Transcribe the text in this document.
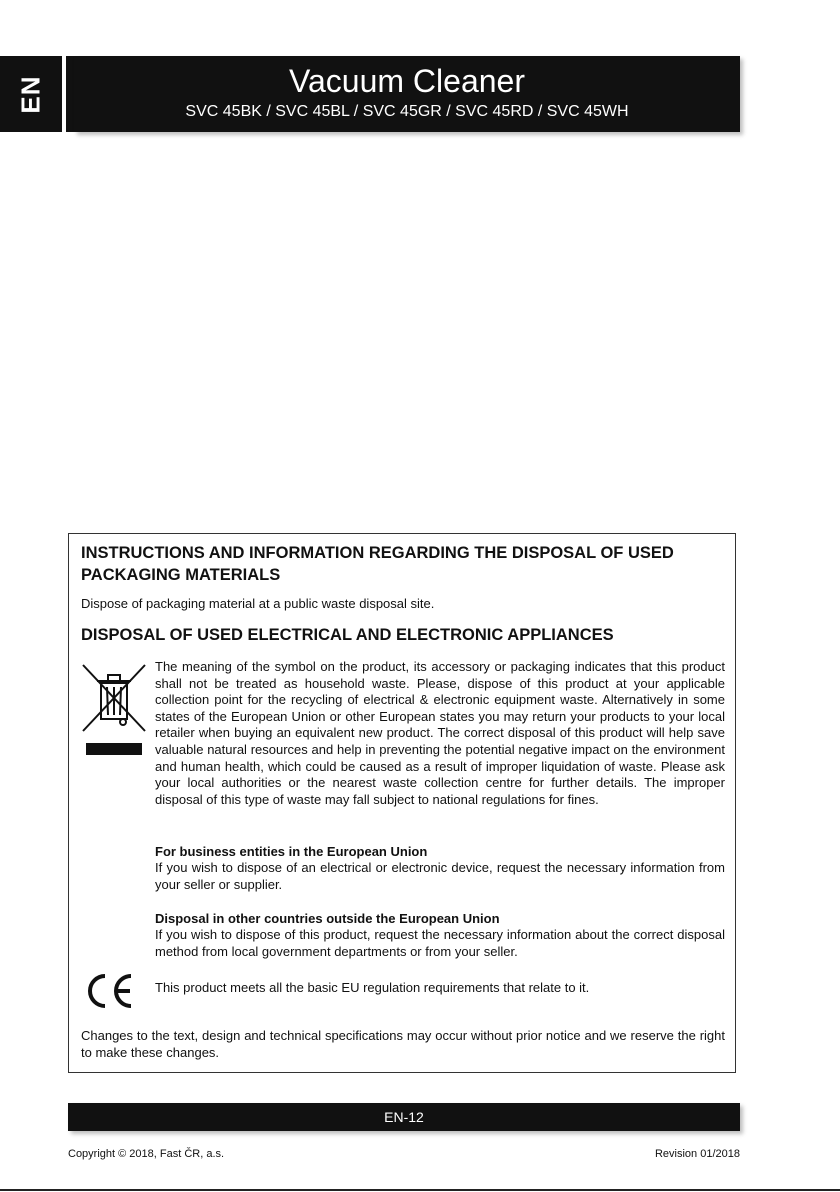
EN	Vacuum Cleaner
SVC 45BK / SVC 45BL / SVC 45GR / SVC 45RD / SVC 45WH
INSTRUCTIONS AND INFORMATION REGARDING THE DISPOSAL OF USED PACKAGING MATERIALS
Dispose of packaging material at a public waste disposal site.
DISPOSAL OF USED ELECTRICAL AND ELECTRONIC APPLIANCES
The meaning of the symbol on the product, its accessory or packaging indicates that this product shall not be treated as household waste. Please, dispose of this product at your applicable collection point for the recycling of electrical & electronic equipment waste. Alternatively in some states of the European Union or other European states you may return your products to your local retailer when buying an equivalent new product. The correct disposal of this product will help save valuable natural resources and help in preventing the potential negative impact on the environment and human health, which could be caused as a result of improper liquidation of waste. Please ask your local authorities or the nearest waste collection centre for further details. The improper disposal of this type of waste may fall subject to national regulations for fines.
For business entities in the European Union
If you wish to dispose of an electrical or electronic device, request the necessary information from your seller or supplier.
Disposal in other countries outside the European Union
If you wish to dispose of this product, request the necessary information about the correct disposal method from local government departments or from your seller.
This product meets all the basic EU regulation requirements that relate to it.
Changes to the text, design and technical specifications may occur without prior notice and we reserve the right to make these changes.
EN-12
Copyright © 2018, Fast ČR, a.s.	Revision 01/2018
